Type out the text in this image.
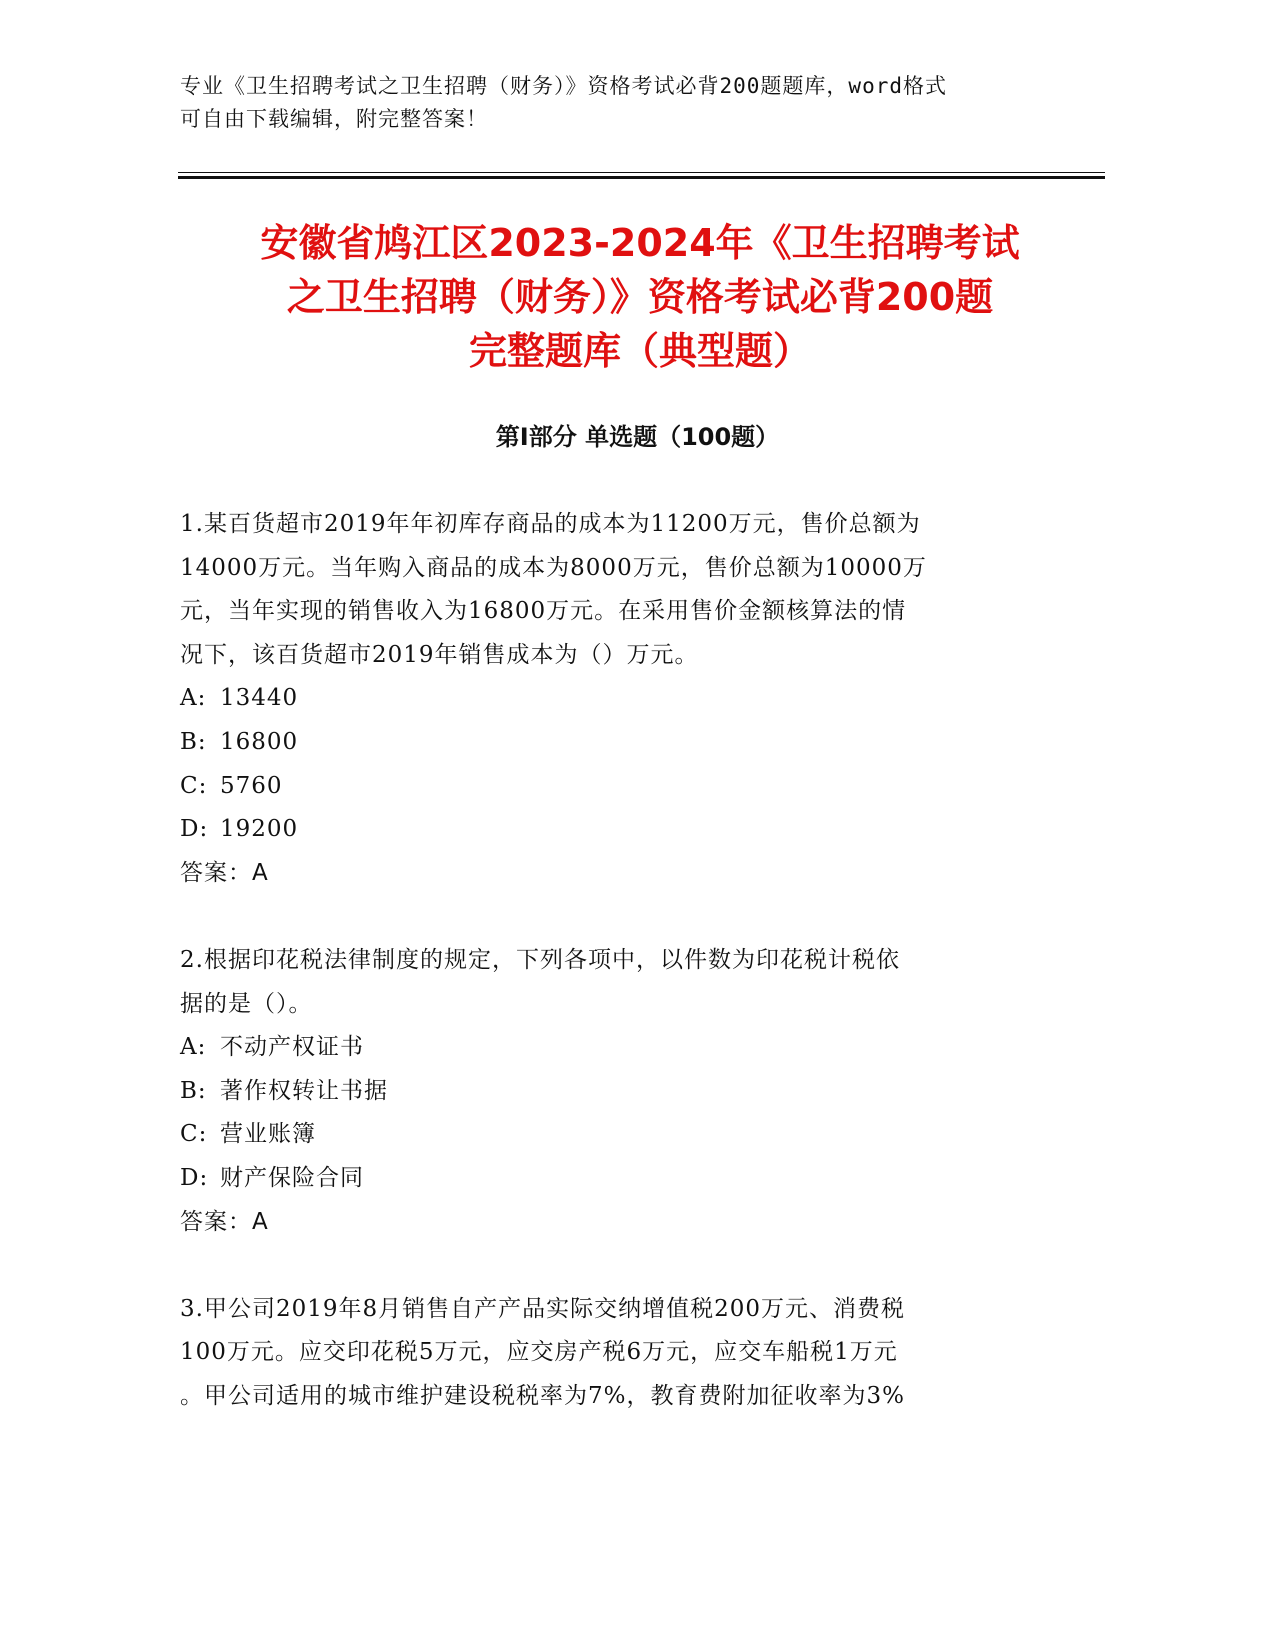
专业《卫生招聘考试之卫生招聘（财务）》资格考试必背200题题库，word格式
可自由下载编辑，附完整答案！
安徽省鸠江区2023-2024年《卫生招聘考试
之卫生招聘（财务）》资格考试必背200题
完整题库（典型题）
第Ⅰ部分 单选题（100题）
1.某百货超市2019年年初库存商品的成本为11200万元，售价总额为
14000万元。当年购入商品的成本为8000万元，售价总额为10000万
元，当年实现的销售收入为16800万元。在采用售价金额核算法的情
况下，该百货超市2019年销售成本为（）万元。
A: 13440
B: 16800
C: 5760
D: 19200
答案：A
2.根据印花税法律制度的规定，下列各项中，以件数为印花税计税依
据的是（）。
A: 不动产权证书
B: 著作权转让书据
C: 营业账簿
D: 财产保险合同
答案：A
3.甲公司2019年8月销售自产产品实际交纳增值税200万元、消费税
100万元。应交印花税5万元，应交房产税6万元，应交车船税1万元
。甲公司适用的城市维护建设税税率为7%，教育费附加征收率为3%
